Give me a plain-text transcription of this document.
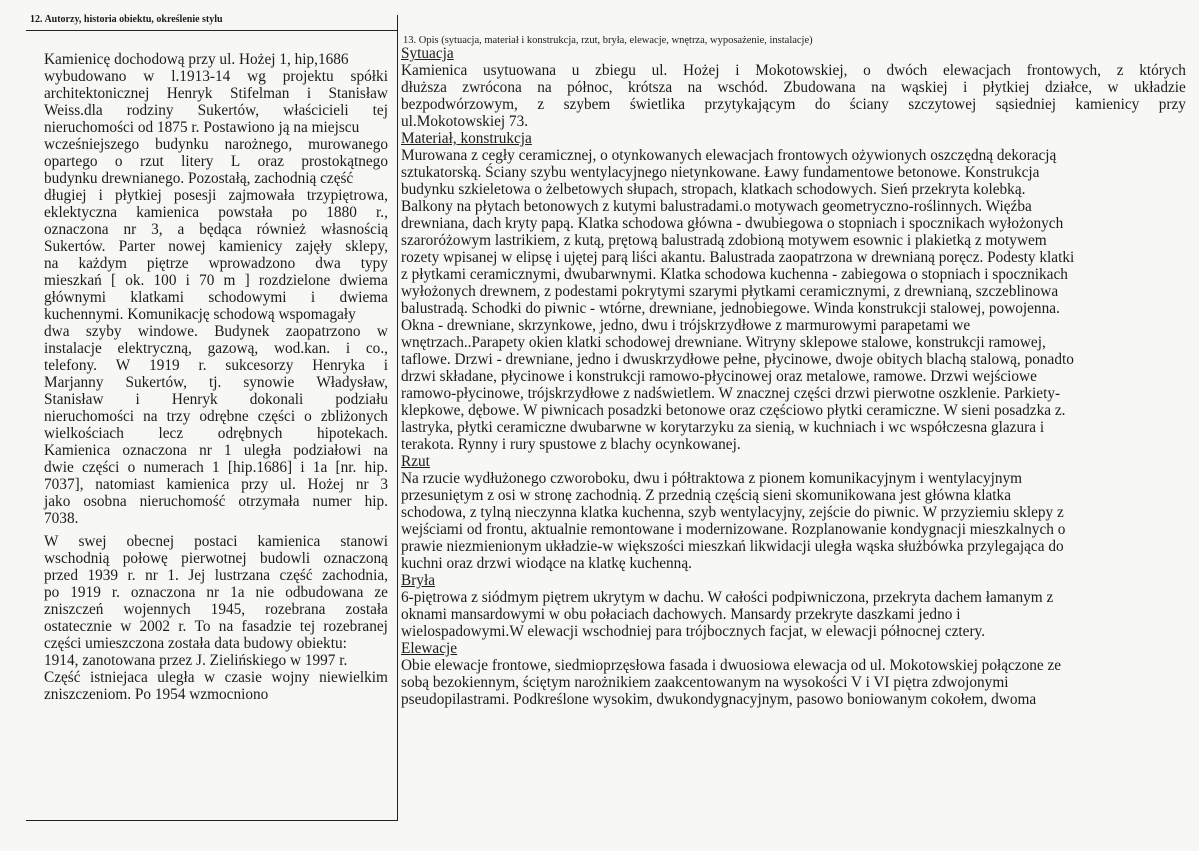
12. Autorzy, historia obiektu, określenie stylu
13. Opis (sytuacja, materiał i konstrukcja, rzut, bryła, elewacje, wnętrza, wyposażenie, instalacje)
Kamienicę dochodową przy ul. Hożej 1, hip,1686
wybudowano w l.1913-14 wg projektu spółki
architektonicznej Henryk Stifelman i Stanisław
Weiss.dla rodziny Sukertów, właścicieli tej
nieruchomości od 1875 r. Postawiono ją na miejscu
wcześniejszego budynku narożnego, murowanego
opartego o rzut litery L oraz prostokątnego
budynku drewnianego. Pozostałą, zachodnią część
długiej i płytkiej posesji zajmowała trzypiętrowa,
eklektyczna kamienica powstała po 1880 r.,
oznaczona nr 3, a będąca również własnością
Sukertów. Parter nowej kamienicy zajęły sklepy,
na każdym piętrze wprowadzono dwa typy
mieszkań [ ok. 100 i 70 m ] rozdzielone dwiema
głównymi klatkami schodowymi i dwiema
kuchennymi. Komunikację schodową wspomagały
dwa szyby windowe. Budynek zaopatrzono w
instalacje elektryczną, gazową, wod.kan. i co.,
telefony. W 1919 r. sukcesorzy Henryka i
Marjanny Sukertów, tj. synowie Władysław,
Stanisław i Henryk dokonali podziału
nieruchomości na trzy odrębne części o zbliżonych
wielkościach lecz odrębnych hipotekach.
Kamienica oznaczona nr 1 uległa podziałowi na
dwie części o numerach 1 [hip.1686] i 1a [nr. hip.
7037], natomiast kamienica przy ul. Hożej nr 3
jako osobna nieruchomość otrzymała numer hip.
7038.
W swej obecnej postaci kamienica stanowi
wschodnią połowę pierwotnej budowli oznaczoną
przed 1939 r. nr 1. Jej lustrzana część zachodnia,
po 1919 r. oznaczona nr 1a nie odbudowana ze
zniszczeń wojennych 1945, rozebrana została
ostatecznie w 2002 r. To na fasadzie tej rozebranej
części umieszczona została data budowy obiektu:
1914, zanotowana przez J. Zielińskiego w 1997 r.
Część istniejaca uległa w czasie wojny niewielkim
zniszczeniom. Po 1954 wzmocniono
Sytuacja
Kamienica usytuowana u zbiegu ul. Hożej i Mokotowskiej, o dwóch elewacjach frontowych, z których
dłuższa zwrócona na północ, krótsza na wschód. Zbudowana na wąskiej i płytkiej działce, w układzie
bezpodwórzowym, z szybem świetlika przytykającym do ściany szczytowej sąsiedniej kamienicy przy
ul.Mokotowskiej 73.
Materiał, konstrukcja
Murowana z cegły ceramicznej, o otynkowanych elewacjach frontowych ożywionych oszczędną dekoracją
sztukatorską. Ściany szybu wentylacyjnego nietynkowane. Ławy fundamentowe betonowe. Konstrukcja
budynku szkieletowa o żelbetowych słupach, stropach, klatkach schodowych. Sień przekryta kolebką.
Balkony na płytach betonowych z kutymi balustradami.o motywach geometryczno-roślinnych. Więźba
drewniana, dach kryty papą. Klatka schodowa główna - dwubiegowa o stopniach i spocznikach wyłożonych
szaroróżowym lastrikiem, z kutą, prętową balustradą zdobioną motywem esownic i plakietką z motywem
rozety wpisanej w elipsę i ujętej parą liści akantu. Balustrada zaopatrzona w drewnianą poręcz. Podesty klatki
z płytkami ceramicznymi, dwubarwnymi. Klatka schodowa kuchenna - zabiegowa o stopniach i spocznikach
wyłożonych drewnem, z podestami pokrytymi szarymi płytkami ceramicznymi, z drewnianą, szczeblinowa
balustradą. Schodki do piwnic - wtórne, drewniane, jednobiegowe. Winda konstrukcji stalowej, powojenna.
Okna - drewniane, skrzynkowe, jedno, dwu i trójskrzydłowe z marmurowymi parapetami we
wnętrzach..Parapety okien klatki schodowej drewniane. Witryny sklepowe stalowe, konstrukcji ramowej,
taflowe. Drzwi - drewniane, jedno i dwuskrzydłowe pełne, płycinowe, dwoje obitych blachą stalową, ponadto
drzwi składane, płycinowe i konstrukcji ramowo-płycinowej oraz metalowe, ramowe. Drzwi wejściowe
ramowo-płycinowe, trójskrzydłowe z nadświetlem. W znacznej części drzwi pierwotne oszklenie. Parkiety-
klepkowe, dębowe. W piwnicach posadzki betonowe oraz częściowo płytki ceramiczne. W sieni posadzka z.
lastryka, płytki ceramiczne dwubarwne w korytarzyku za sienią, w kuchniach i wc współczesna glazura i
terakota. Rynny i rury spustowe z blachy ocynkowanej.
Rzut
Na rzucie wydłużonego czworoboku, dwu i półtraktowa z pionem komunikacyjnym i wentylacyjnym
przesuniętym z osi w stronę zachodnią. Z przednią częścią sieni skomunikowana jest główna klatka
schodowa, z tylną nieczynna klatka kuchenna, szyb wentylacyjny, zejście do piwnic. W przyziemiu sklepy z
wejściami od frontu, aktualnie remontowane i modernizowane. Rozplanowanie kondygnacji mieszkalnych o
prawie niezmienionym układzie-w większości mieszkań likwidacji uległa wąska służbówka przylegająca do
kuchni oraz drzwi wiodące na klatkę kuchenną.
Bryła
6-piętrowa z siódmym piętrem ukrytym w dachu. W całości podpiwniczona, przekryta dachem łamanym z
oknami mansardowymi w obu połaciach dachowych. Mansardy przekryte daszkami jedno i
wielospadowymi.W elewacji wschodniej para trójbocznych facjat, w elewacji północnej cztery.
Elewacje
Obie elewacje frontowe, siedmioprzęsłowa fasada i dwuosiowa elewacja od ul. Mokotowskiej połączone ze
sobą bezokiennym, ściętym narożnikiem zaakcentowanym na wysokości V i VI piętra zdwojonymi
pseudopilastrami. Podkreślone wysokim, dwukondygnacyjnym, pasowo boniowanym cokołem, dwoma
